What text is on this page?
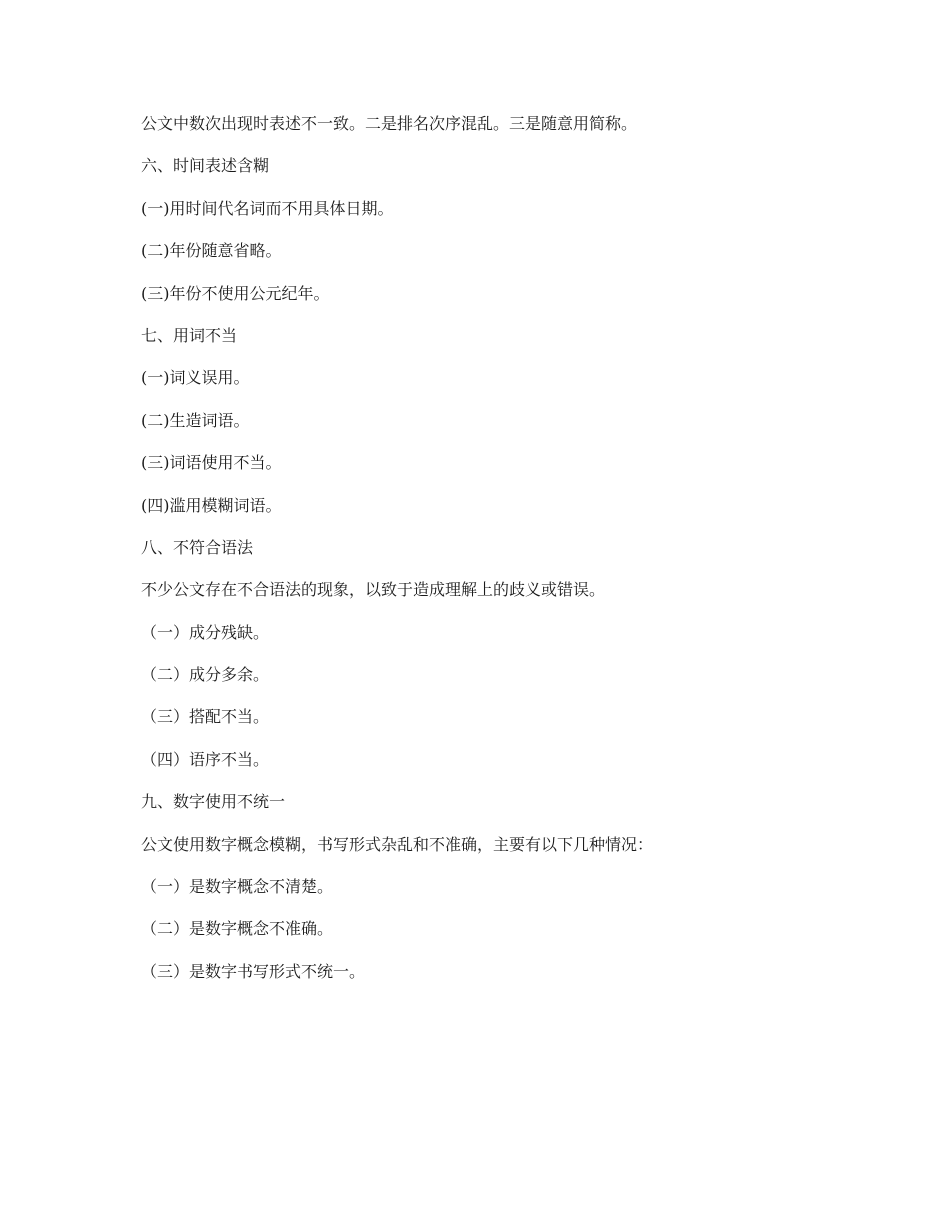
公文中数次出现时表述不一致。二是排名次序混乱。三是随意用简称。

六、时间表述含糊

(一)用时间代名词而不用具体日期。

(二)年份随意省略。

(三)年份不使用公元纪年。

七、用词不当

(一)词义误用。

(二)生造词语。

(三)词语使用不当。

(四)滥用模糊词语。

八、不符合语法

不少公文存在不合语法的现象，以致于造成理解上的歧义或错误。

（一）成分残缺。

（二）成分多余。

（三）搭配不当。

（四）语序不当。

九、数字使用不统一

公文使用数字概念模糊，书写形式杂乱和不准确，主要有以下几种情况：

（一）是数字概念不清楚。

（二）是数字概念不准确。

（三）是数字书写形式不统一。
